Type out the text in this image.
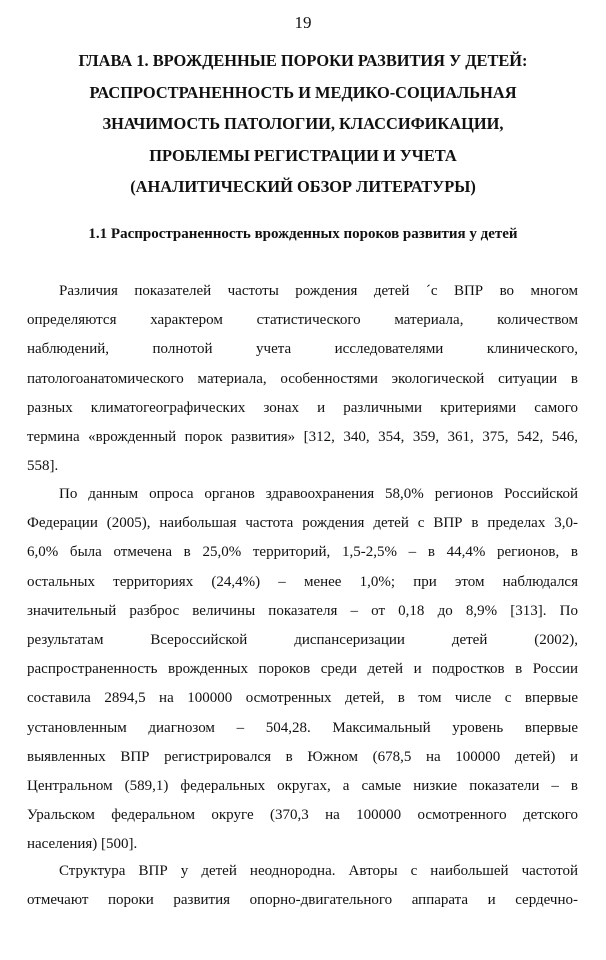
19
ГЛАВА 1. ВРОЖДЕННЫЕ ПОРОКИ РАЗВИТИЯ У ДЕТЕЙ:
РАСПРОСТРАНЕННОСТЬ И МЕДИКО-СОЦИАЛЬНАЯ
ЗНАЧИМОСТЬ ПАТОЛОГИИ, КЛАССИФИКАЦИИ,
ПРОБЛЕМЫ РЕГИСТРАЦИИ И УЧЕТА
(АНАЛИТИЧЕСКИЙ ОБЗОР ЛИТЕРАТУРЫ)
1.1 Распространенность врожденных пороков развития у детей
Различия показателей частоты рождения детей ´с ВПР во многом
определяются характером статистического материала, количеством
наблюдений, полнотой учета исследователями клинического,
патологоанатомического материала, особенностями экологической ситуации в
разных климатогеографических зонах и различными критериями самого
термина «врожденный порок развития» [312, 340, 354, 359, 361, 375, 542, 546,
558].
По данным опроса органов здравоохранения 58,0% регионов Российской
Федерации (2005), наибольшая частота рождения детей с ВПР в пределах 3,0-
6,0% была отмечена в 25,0% территорий, 1,5-2,5% – в 44,4% регионов, в
остальных территориях (24,4%) – менее 1,0%; при этом наблюдался
значительный разброс величины показателя – от 0,18 до 8,9% [313]. По
результатам Всероссийской диспансеризации детей (2002),
распространенность врожденных пороков среди детей и подростков в России
составила 2894,5 на 100000 осмотренных детей, в том числе с впервые
установленным диагнозом – 504,28. Максимальный уровень впервые
выявленных ВПР регистрировался в Южном (678,5 на 100000 детей) и
Центральном (589,1) федеральных округах, а самые низкие показатели – в
Уральском федеральном округе (370,3 на 100000 осмотренного детского
населения) [500].
Структура ВПР у детей неоднородна. Авторы с наибольшей частотой
отмечают пороки развития опорно-двигательного аппарата и сердечно-
